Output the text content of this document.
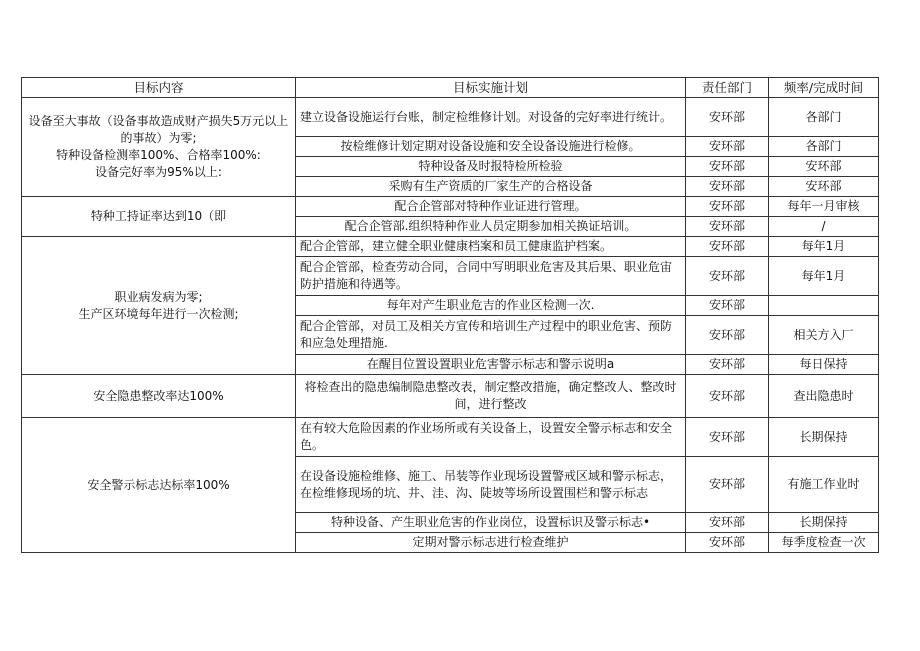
目标内容	目标实施计划	责任部门	频率/完成时间

设备至大事故（设备事故造成财产损失5万元以上的事故）为零;
特种设备检测率100%、合格率100%:
设备完好率为95%以上:	建立设备设施运行台账，制定检维修计划。对设备的完好率进行统计。	安环部	各部门
	按检维修计划定期对设备设施和安全设备设施进行检修。	安环部	各部门
	特种设备及时报特检所检验	安环部	安环部
	采购有生产资质的厂家生产的合格设备	安环部	安环部

特种工持证率达到10（即	配合企管部对特种作业证进行管理。	安环部	每年一月审核
	配合企管部.组织特种作业人员定期参加相关换证培训。	安环部	/

职业病发病为零;
生产区环境每年进行一次检测;	配合企管部，建立健全职业健康档案和员工健康监护档案。	安环部	每年1月
	配合企管部，检查劳动合同，合同中写明职业危害及其后果、职业危宙防护措施和待遇等。	安环部	每年1月
	每年对产生职业危吉的作业区检测一次.	安环部	
	配合企管部，对员工及相关方宣传和培训生产过程中的职业危害、预防和应急处理措施.	安环部	相关方入厂
	在醒目位置设置职业危害警示标志和警示说明a	安环部	每日保持

安全隐患整改率达100%	将检查出的隐患编制隐患整改表，制定整改措施，确定整改人、整改时间，进行整改	安环部	查出隐患时

安全警示标志达标率100%	在有较大危险因素的作业场所或有关设备上，设置安全警示标志和安全色。	安环部	长期保持
	在设备设施检维修、施工、吊装等作业现场设置警戒区域和警示标志，在检维修现场的坑、井、洼、沟、陡坡等场所设置围栏和警示标志	安环部	有施工作业时
	特种设备、产生职业危害的作业岗位，设置标识及警示标志•	安环部	长期保持
	定期对警示标志进行检查维护	安环部	每季度检查一次
